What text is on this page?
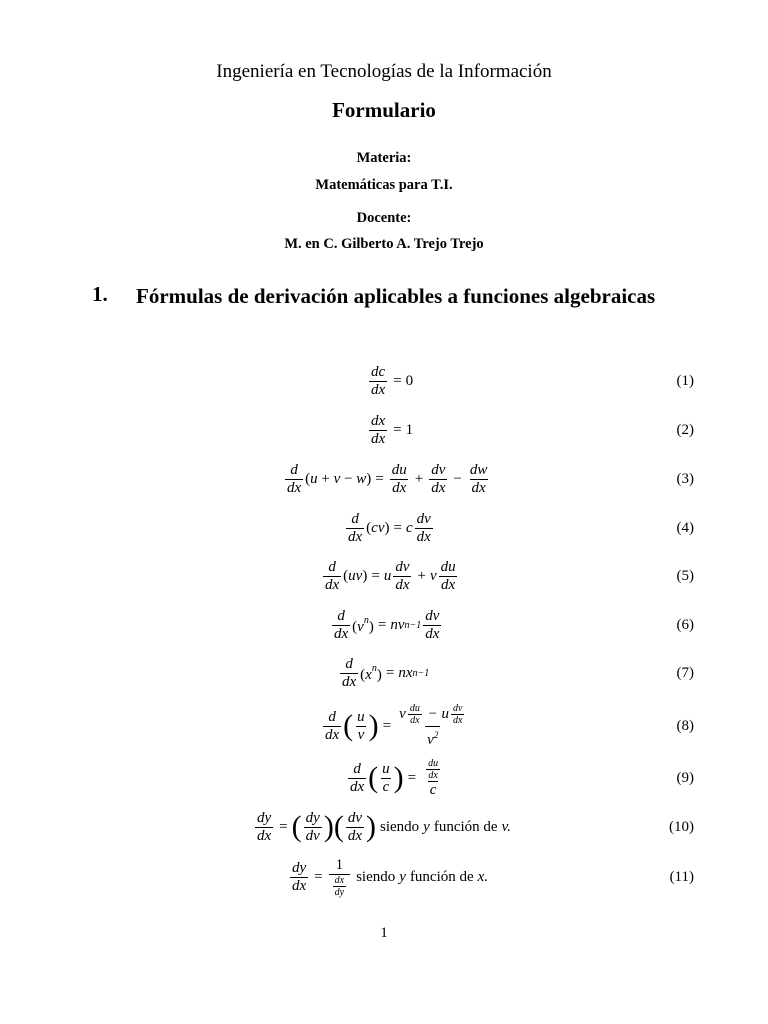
Ingeniería en Tecnologías de la Información
Formulario
Materia:
Matemáticas para T.I.
Docente:
M. en C. Gilberto A. Trejo Trejo
1. Fórmulas de derivación aplicables a funciones algebraicas
$\frac{dc}{dx} = 0$	(1)
$\frac{dx}{dx} = 1$	(2)
$\frac{d}{dx} (u + v - w) = \frac{du}{dx} + \frac{dv}{dx} - \frac{dw}{dx}$	(3)
$\frac{d}{dx} (cv) = c \frac{dv}{dx}$	(4)
$\frac{d}{dx} (uv) = u \frac{dv}{dx} + v \frac{du}{dx}$	(5)
$\frac{d}{dx} (v^n)$ = nv $n-1 \frac{dv}{dx}$	(6)
$\frac{d}{dx} (x^n)$ = nx n−1	(7)
$\frac{d}{dx}$ ( $\frac{u}{v}$ ) = $\frac{v \frac{du}{dx} - u \frac{dv}{dx}}{v^2}$	(8)
$\frac{d}{dx}$ ( $\frac{u}{c}$ ) = $\frac{\frac{du}{dx}}{c}$	(9)
$\frac{dy}{dx}$ = ( $\frac{dy}{dv}$ ) ( $\frac{dv}{dx}$ ) siendo y función de v.	(10)
$\frac{dy}{dx} = \frac{1}{\frac{dx}{dy}}$ siendo y función de x.	(11)
1
